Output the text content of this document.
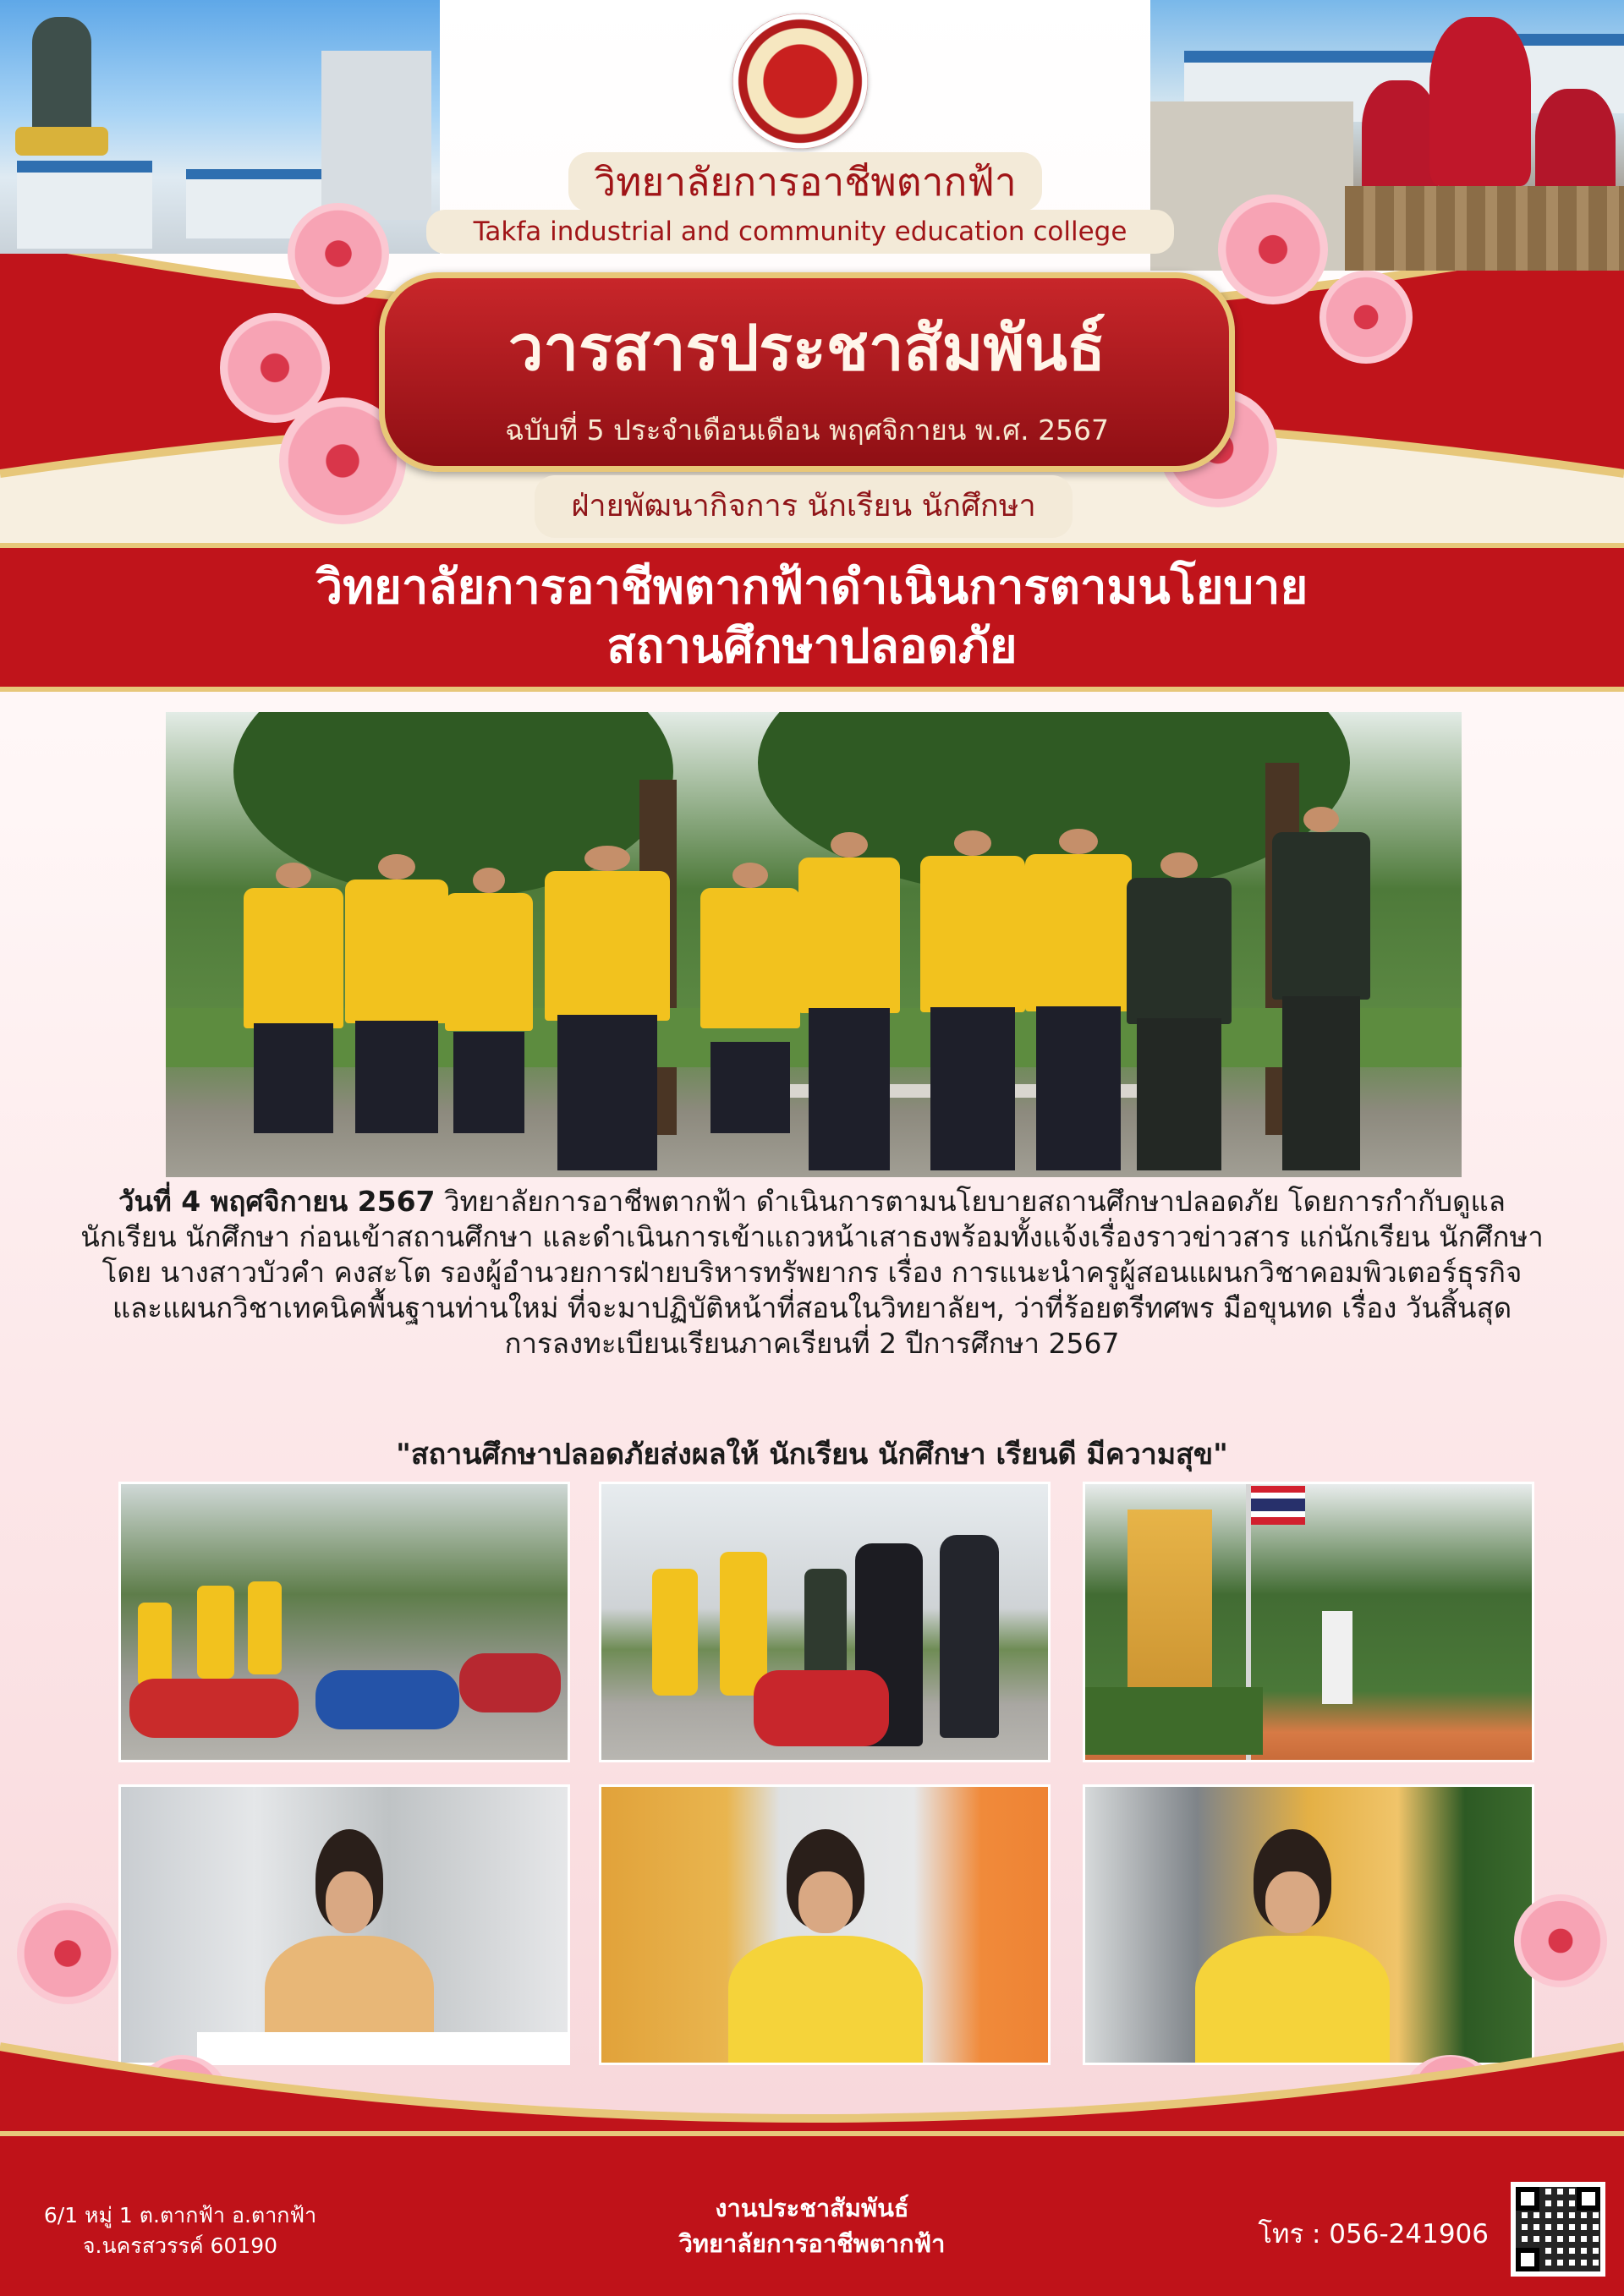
วิทยาลัยการอาชีพตากฟ้า
Takfa industrial and community education college
วารสารประชาสัมพันธ์
ฉบับที่ 5 ประจำเดือนเดือน พฤศจิกายน พ.ศ. 2567
ฝ่ายพัฒนากิจการ นักเรียน นักศึกษา
วิทยาลัยการอาชีพตากฟ้าดำเนินการตามนโยบาย
สถานศึกษาปลอดภัย
วันที่ 4 พฤศจิกายน 2567 วิทยาลัยการอาชีพตากฟ้า ดำเนินการตามนโยบายสถานศึกษาปลอดภัย โดยการกำกับดูแล
นักเรียน นักศึกษา ก่อนเข้าสถานศึกษา และดำเนินการเข้าแถวหน้าเสาธงพร้อมทั้งแจ้งเรื่องราวข่าวสาร แก่นักเรียน นักศึกษา
โดย นางสาวบัวคำ คงสะโต รองผู้อำนวยการฝ่ายบริหารทรัพยากร เรื่อง การแนะนำครูผู้สอนแผนกวิชาคอมพิวเตอร์ธุรกิจ
และแผนกวิชาเทคนิคพื้นฐานท่านใหม่ ที่จะมาปฏิบัติหน้าที่สอนในวิทยาลัยฯ, ว่าที่ร้อยตรีทศพร มือขุนทด เรื่อง วันสิ้นสุด
การลงทะเบียนเรียนภาคเรียนที่ 2 ปีการศึกษา 2567
"สถานศึกษาปลอดภัยส่งผลให้ นักเรียน นักศึกษา เรียนดี มีความสุข"
6/1 หมู่ 1 ต.ตากฟ้า อ.ตากฟ้า
จ.นครสวรรค์ 60190
งานประชาสัมพันธ์
วิทยาลัยการอาชีพตากฟ้า	โทร : 056-241906
